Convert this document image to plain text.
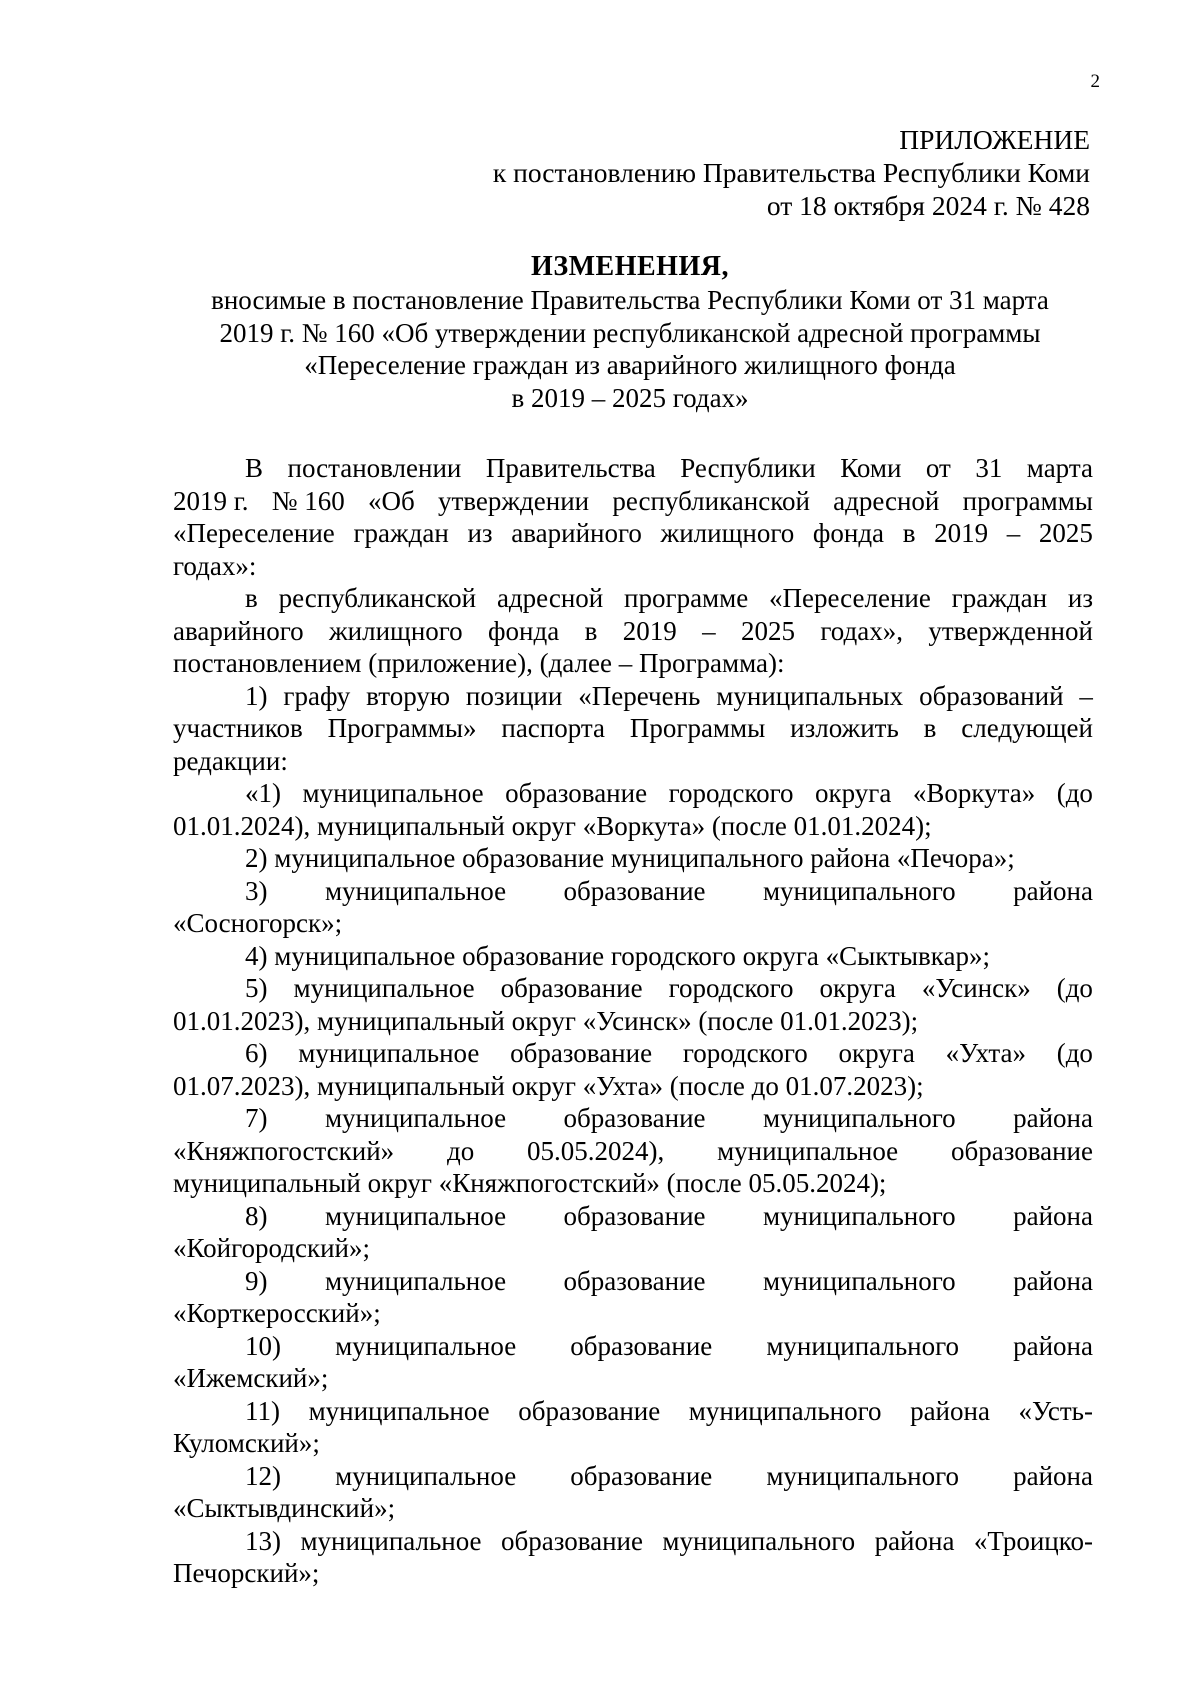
2
ПРИЛОЖЕНИЕ
к постановлению Правительства Республики Коми
от 18 октября 2024 г. № 428
ИЗМЕНЕНИЯ,
вносимые в постановление Правительства Республики Коми от 31 марта
2019 г. № 160 «Об утверждении республиканской адресной программы
«Переселение граждан из аварийного жилищного фонда
в 2019 – 2025 годах»
В постановлении Правительства Республики Коми от 31 марта
2019 г. № 160 «Об утверждении республиканской адресной программы
«Переселение граждан из аварийного жилищного фонда в 2019 – 2025
годах»:
в республиканской адресной программе «Переселение граждан из
аварийного жилищного фонда в 2019 – 2025 годах», утвержденной
постановлением (приложение), (далее – Программа):
1) графу вторую позиции «Перечень муниципальных образований –
участников Программы» паспорта Программы изложить в следующей
редакции:
«1) муниципальное образование городского округа «Воркута» (до
01.01.2024), муниципальный округ «Воркута» (после 01.01.2024);
2) муниципальное образование муниципального района «Печора»;
3) муниципальное образование муниципального района
«Сосногорск»;
4) муниципальное образование городского округа «Сыктывкар»;
5) муниципальное образование городского округа «Усинск» (до
01.01.2023), муниципальный округ «Усинск» (после 01.01.2023);
6) муниципальное образование городского округа «Ухта» (до
01.07.2023), муниципальный округ «Ухта» (после до 01.07.2023);
7) муниципальное образование муниципального района
«Княжпогостский» до 05.05.2024), муниципальное образование
муниципальный округ «Княжпогостский» (после 05.05.2024);
8) муниципальное образование муниципального района
«Койгородский»;
9) муниципальное образование муниципального района
«Корткеросский»;
10) муниципальное образование муниципального района
«Ижемский»;
11) муниципальное образование муниципального района «Усть-
Куломский»;
12) муниципальное образование муниципального района
«Сыктывдинский»;
13) муниципальное образование муниципального района «Троицко-
Печорский»;
